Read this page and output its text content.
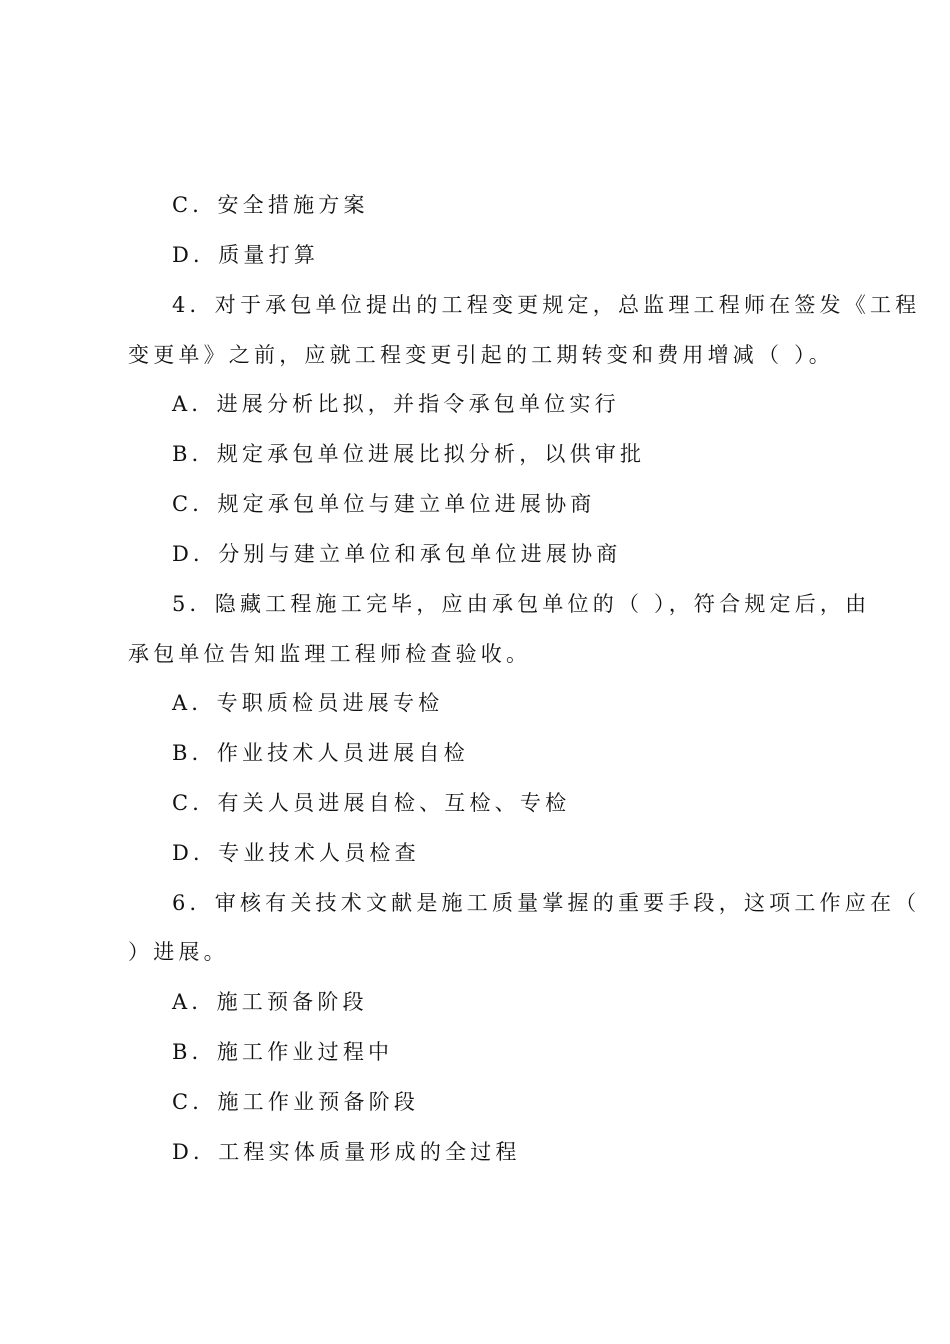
C．安全措施方案
D．质量打算
4．对于承包单位提出的工程变更规定，总监理工程师在签发《工程
变更单》之前，应就工程变更引起的工期转变和费用增减（ ）。
A．进展分析比拟，并指令承包单位实行
B．规定承包单位进展比拟分析，以供审批
C．规定承包单位与建立单位进展协商
D．分别与建立单位和承包单位进展协商
5．隐藏工程施工完毕，应由承包单位的（ ），符合规定后，由
承包单位告知监理工程师检查验收。
A．专职质检员进展专检
B．作业技术人员进展自检
C．有关人员进展自检、互检、专检
D．专业技术人员检查
6．审核有关技术文献是施工质量掌握的重要手段，这项工作应在（
）进展。
A．施工预备阶段
B．施工作业过程中
C．施工作业预备阶段
D．工程实体质量形成的全过程
